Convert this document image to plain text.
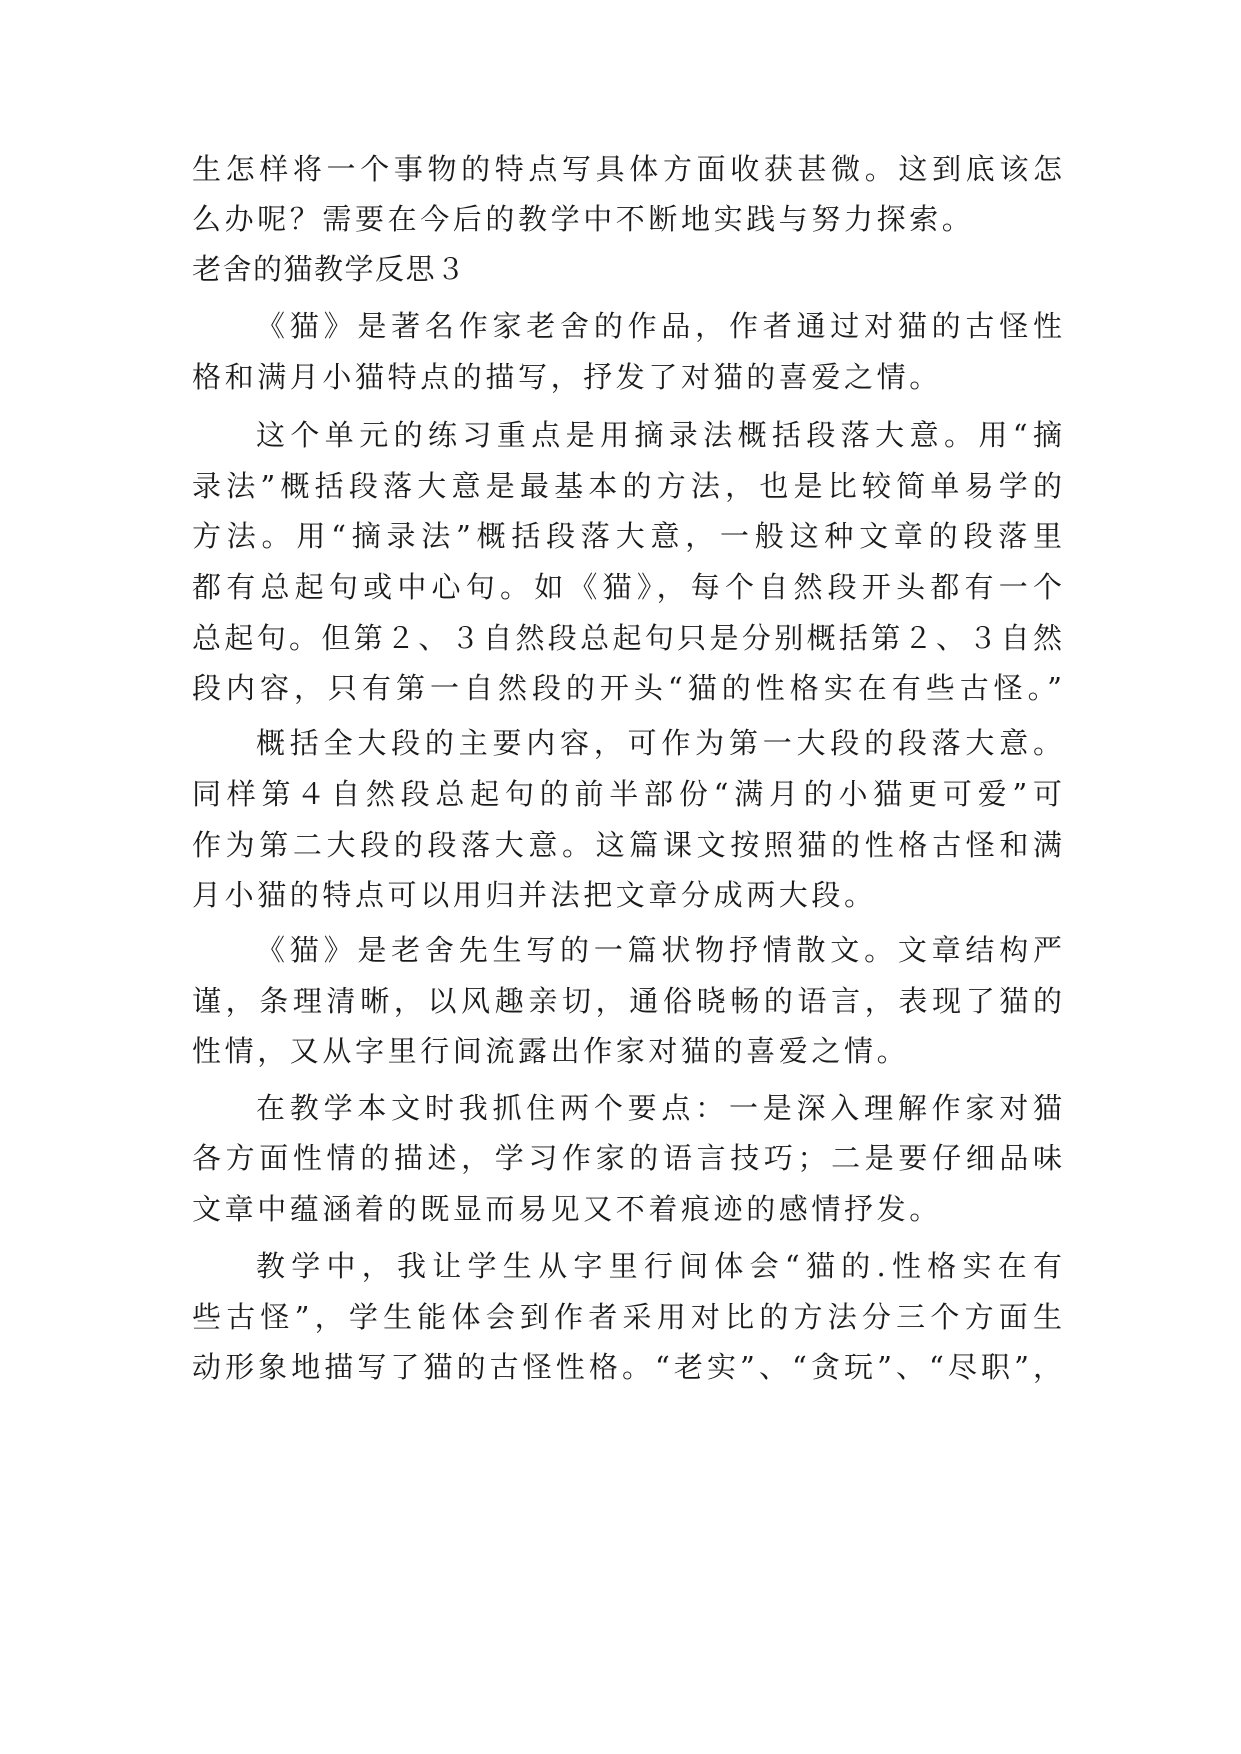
生怎样将一个事物的特点写具体方面收获甚微。这到底该怎
么办呢？需要在今后的教学中不断地实践与努力探索。
老舍的猫教学反思３
《猫》是著名作家老舍的作品，作者通过对猫的古怪性
格和满月小猫特点的描写，抒发了对猫的喜爱之情。
这个单元的练习重点是用摘录法概括段落大意。用“摘
录法”概括段落大意是最基本的方法，也是比较简单易学的
方法。用“摘录法”概括段落大意，一般这种文章的段落里
都有总起句或中心句。如《猫》，每个自然段开头都有一个
总起句。但第２、３自然段总起句只是分别概括第２、３自然
段内容，只有第一自然段的开头“猫的性格实在有些古怪。”
概括全大段的主要内容，可作为第一大段的段落大意。
同样第４自然段总起句的前半部份“满月的小猫更可爱”可
作为第二大段的段落大意。这篇课文按照猫的性格古怪和满
月小猫的特点可以用归并法把文章分成两大段。
《猫》是老舍先生写的一篇状物抒情散文。文章结构严
谨，条理清晰，以风趣亲切，通俗晓畅的语言，表现了猫的
性情，又从字里行间流露出作家对猫的喜爱之情。
在教学本文时我抓住两个要点：一是深入理解作家对猫
各方面性情的描述，学习作家的语言技巧；二是要仔细品味
文章中蕴涵着的既显而易见又不着痕迹的感情抒发。
教学中，我让学生从字里行间体会“猫的.性格实在有
些古怪”，学生能体会到作者采用对比的方法分三个方面生
动形象地描写了猫的古怪性格。“老实”、“贪玩”、“尽职”，
